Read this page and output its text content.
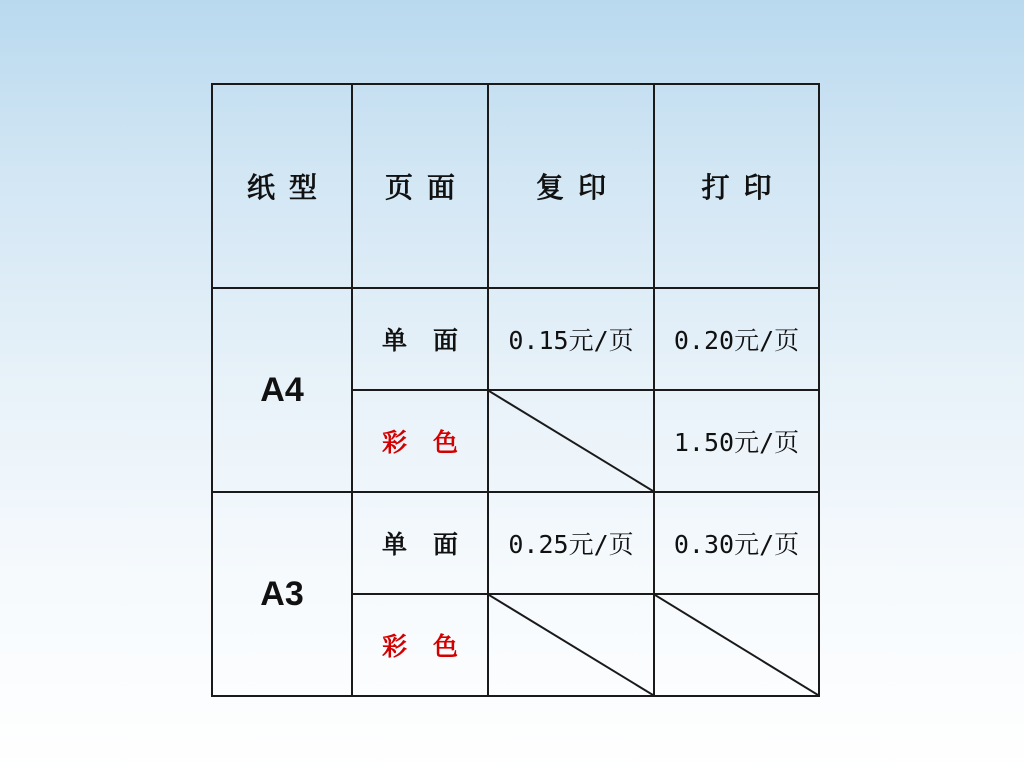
纸型	页面	复印	打印
A4	单面	0.15元/页	0.20元/页
	彩色		1.50元/页
A3	单面	0.25元/页	0.30元/页
	彩色	
